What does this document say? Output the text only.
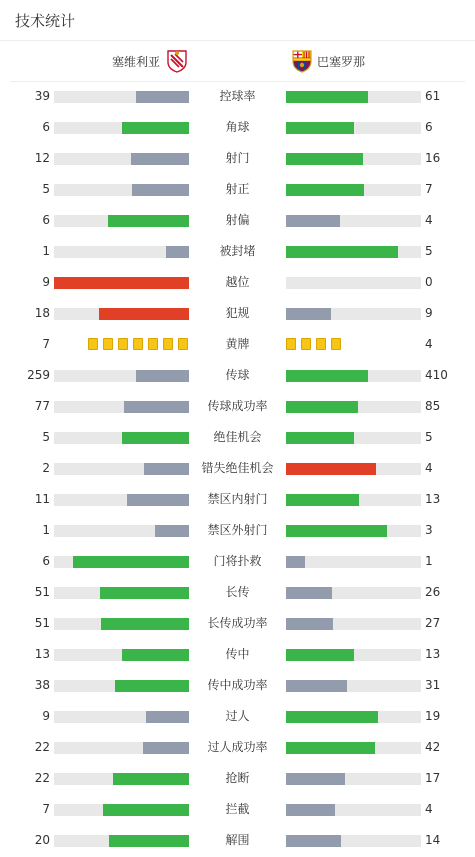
技术统计
塞维利亚	巴塞罗那
39	控球率	61
6	角球	6
12	射门	16
5	射正	7
6	射偏	4
1	被封堵	5
9	越位	0
18	犯规	9
7	黄牌	4
259	传球	410
77	传球成功率	85
5	绝佳机会	5
2	错失绝佳机会	4
11	禁区内射门	13
1	禁区外射门	3
6	门将扑救	1
51	长传	26
51	长传成功率	27
13	传中	13
38	传中成功率	31
9	过人	19
22	过人成功率	42
22	抢断	17
7	拦截	4
20	解围	14
